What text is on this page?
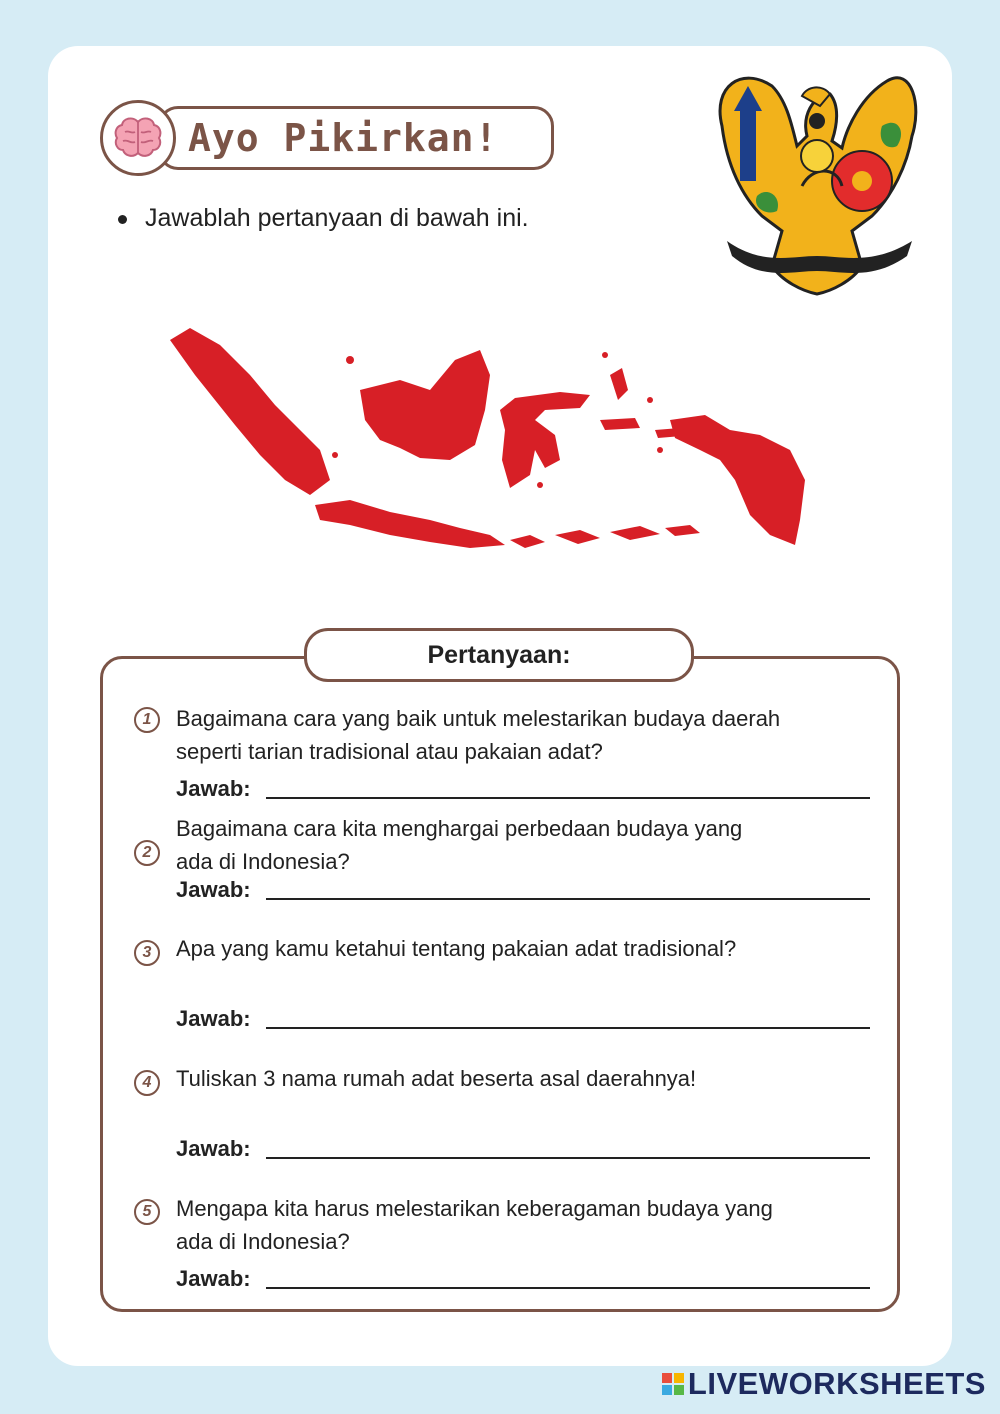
Ayo Pikirkan!
Jawablah pertanyaan di bawah ini.
Pertanyaan:
1	Bagaimana cara yang baik untuk melestarikan budaya daerah
seperti tarian tradisional atau pakaian adat?
Jawab:
2
Bagaimana cara kita menghargai perbedaan budaya yang
ada di Indonesia?
Jawab:
3	Apa yang kamu ketahui tentang pakaian adat tradisional?
Jawab:
4	Tuliskan 3 nama rumah adat beserta asal daerahnya!
Jawab:
5	Mengapa kita harus melestarikan keberagaman budaya yang
ada di Indonesia?
Jawab:
LIVEWORKSHEETS
